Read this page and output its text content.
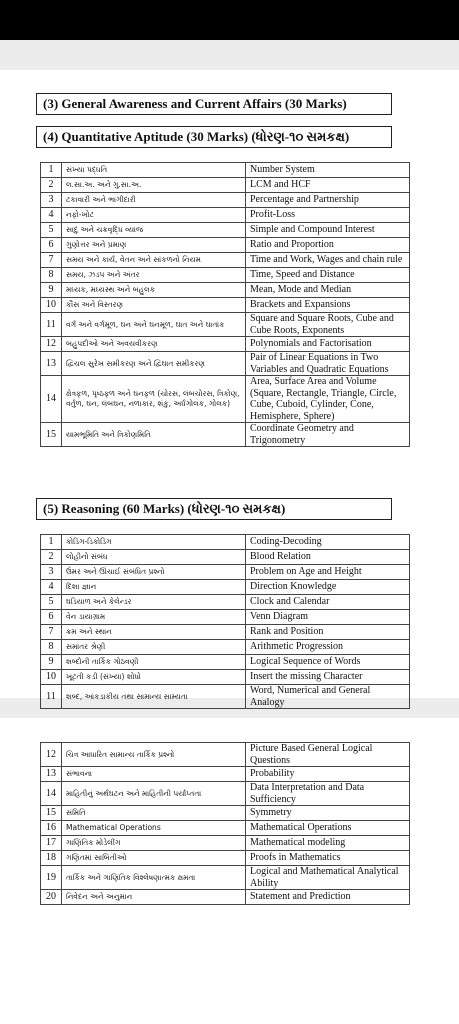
(3) General Awareness and Current Affairs (30 Marks)
(4) Quantitative Aptitude (30 Marks) (ધોરણ-૧૦ સમકક્ષ)
1	સંખ્યા પદ્ધતિ	Number System
2	લ.સા.અ. અને ગુ.સા.અ.	LCM and HCF
3	ટકાવારી અને ભાગીદારી	Percentage and Partnership
4	નફો-ખોટ	Profit-Loss
5	સાદુ અને ચક્રવૃદ્ધિ વ્યાજ	Simple and Compound Interest
6	ગુણોત્તર અને પ્રમાણ	Ratio and Proportion
7	સમય અને કાર્ય, વેતન અને સાંકળનો નિયમ	Time and Work, Wages and chain rule
8	સમય, ઝડપ અને અંતર	Time, Speed and Distance
9	મધ્યક, મધ્યસ્થ અને બહુલક	Mean, Mode and Median
10	કૌંસ અને વિસ્તરણ	Brackets and Expansions
11	વર્ગ અને વર્ગમૂળ, ઘન અને ઘનમૂળ, ઘાત અને ઘાતાંક	Square and Square Roots, Cube and Cube Roots, Exponents
12	બહુપદીઓ અને અવયવીકરણ	Polynomials and Factorisation
13	દ્વિચલ સુરેખ સમીકરણ અને દ્વિઘાત સમીકરણ	Pair of Linear Equations in Two Variables and Quadratic Equations
14	ક્ષેત્રફળ, પૃષ્ઠફળ અને ઘનફળ (ચોરસ, લંબચોરસ, ત્રિકોણ, વર્તુળ, ઘન, લંબઘન, નળાકાર, શંકુ, અર્ધગોલક, ગોલક)	Area, Surface Area and Volume (Square, Rectangle, Triangle, Circle, Cube, Cuboid, Cylinder, Cone, Hemisphere, Sphere)
15	યામભૂમિતિ અને ત્રિકોણમિતિ	Coordinate Geometry and Trigonometry
(5) Reasoning (60 Marks) (ધોરણ-૧૦ સમકક્ષ)
1	કોડિંગ-ડિકોડિંગ	Coding-Decoding
2	લોહીનો સંબંધ	Blood Relation
3	ઉંમર અને ઊંચાઈ સંબંધિત પ્રશ્નો	Problem on Age and Height
4	દિશા જ્ઞાન	Direction Knowledge
5	ઘડિયાળ અને કેલેન્ડર	Clock and Calendar
6	વેન ડાયાગ્રામ	Venn Diagram
7	ક્રમ અને સ્થાન	Rank and Position
8	સમાંતર શ્રેણી	Arithmetic Progression
9	શબ્દોની તાર્કિક ગોઠવણી	Logical Sequence of Words
10	ખૂટતી કડી (સંખ્યા) શોધો	Insert the missing Character
11	શબ્દ, આંકડાકીય તથા સામાન્ય સામ્યતા	Word, Numerical and General Analogy
12	ચિત્ર આધારિત સામાન્ય તાર્કિક પ્રશ્નો	Picture Based General Logical Questions
13	સંભાવના	Probability
14	માહિતીનું અર્થઘટન અને માહિતીની પર્યાપ્તતા	Data Interpretation and Data Sufficiency
15	સંમિતિ	Symmetry
16	Mathematical Operations	Mathematical Operations
17	ગાણિતિક મોડેલીંગ	Mathematical modeling
18	ગણિતમાં સાબિતીઓ	Proofs in Mathematics
19	તાર્કિક અને ગાણિતિક વિશ્લેષણાત્મક ક્ષમતા	Logical and Mathematical Analytical Ability
20	નિવેદન અને અનુમાન	Statement and Prediction
